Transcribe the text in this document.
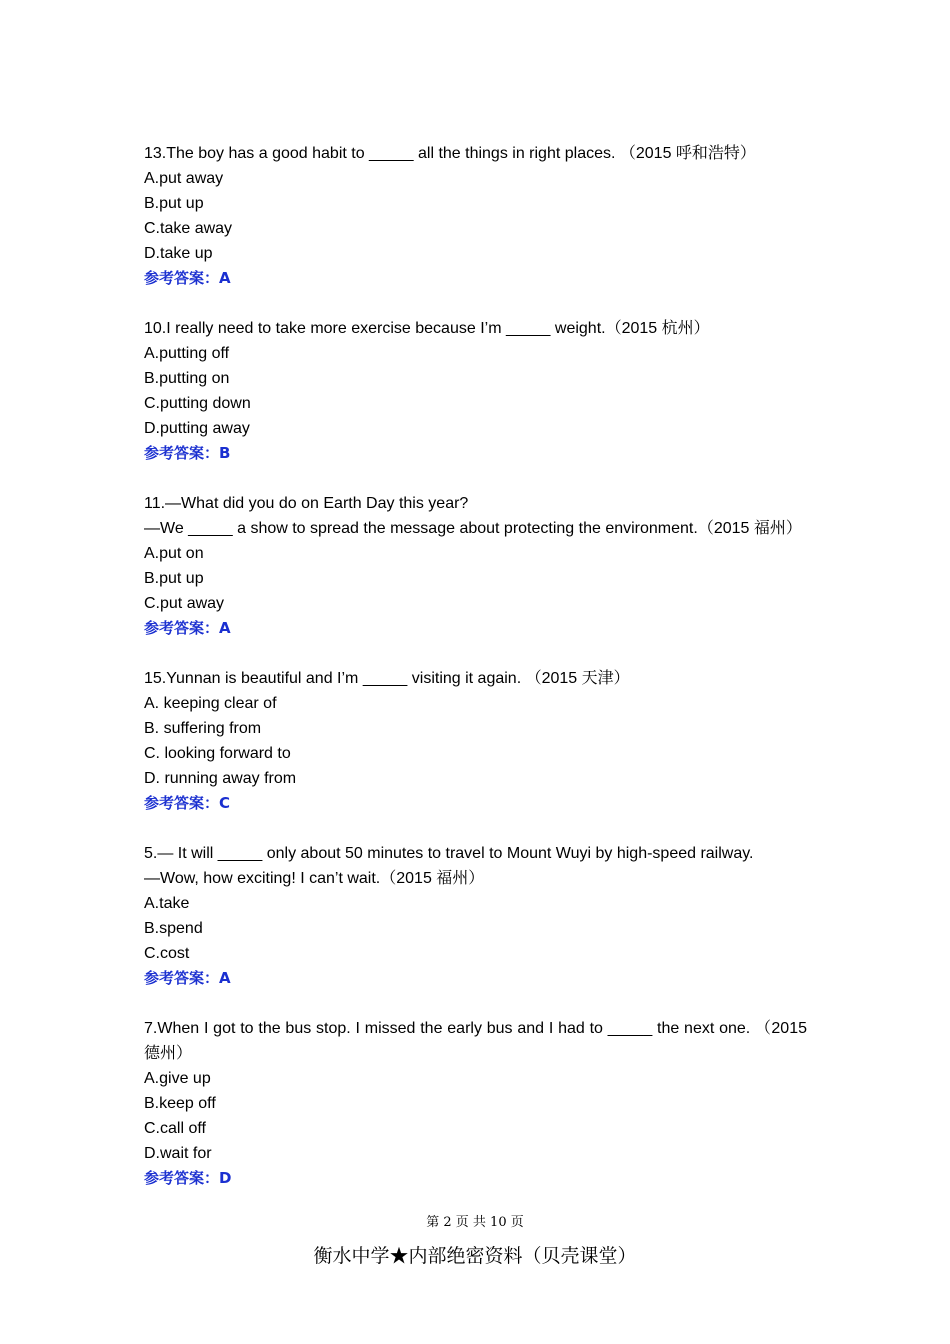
13.The boy has a good habit to _____ all the things in right places. （2015 呼和浩特）
A.put away
B.put up
C.take away
D.take up
参考答案：A
10.I really need to take more exercise because I’m _____ weight.（2015 杭州）
A.putting off
B.putting on
C.putting down
D.putting away
参考答案：B
11.—What did you do on Earth Day this year?
—We _____ a show to spread the message about protecting the environment.（2015 福州）
A.put on
B.put up
C.put away
参考答案：A
15.Yunnan is beautiful and I’m _____ visiting it again. （2015 天津）
A. keeping clear of
B. suffering from
C. looking forward to
D. running away from
参考答案：C
5.— It will _____ only about 50 minutes to travel to Mount Wuyi by high-speed railway.
—Wow, how exciting! I can’t wait.（2015 福州）
A.take
B.spend
C.cost
参考答案：A
7.When I got to the bus stop. I missed the early bus and I had to _____ the next one. （2015 德州）
A.give up
B.keep off
C.call off
D.wait for
参考答案：D
第 2 页 共 10 页
衡水中学★内部绝密资料（贝壳课堂）
